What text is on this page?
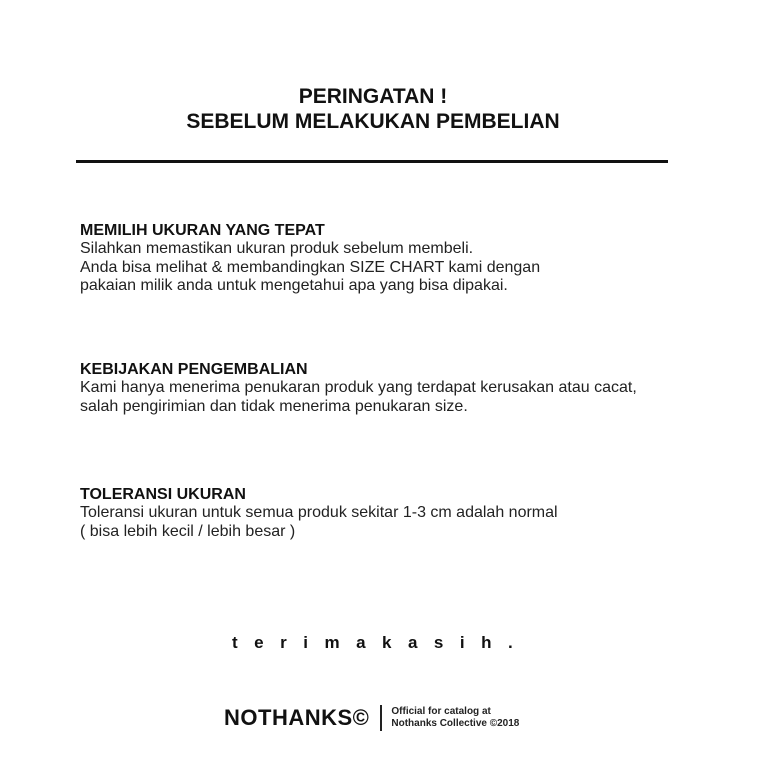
PERINGATAN !
SEBELUM MELAKUKAN PEMBELIAN
MEMILIH UKURAN YANG TEPAT

Silahkan memastikan ukuran produk sebelum membeli.

Anda bisa melihat & membandingkan SIZE CHART kami dengan

pakaian milik anda untuk mengetahui apa yang bisa dipakai.

KEBIJAKAN PENGEMBALIAN

Kami hanya menerima penukaran produk yang terdapat kerusakan atau cacat,

salah pengirimian dan tidak menerima penukaran size.

TOLERANSI UKURAN

Toleransi ukuran untuk semua produk sekitar 1-3 cm adalah normal

( bisa lebih kecil / lebih besar )

terimakasih.
NOTHANKS© Official for catalog at
Nothanks Collective ©2018
